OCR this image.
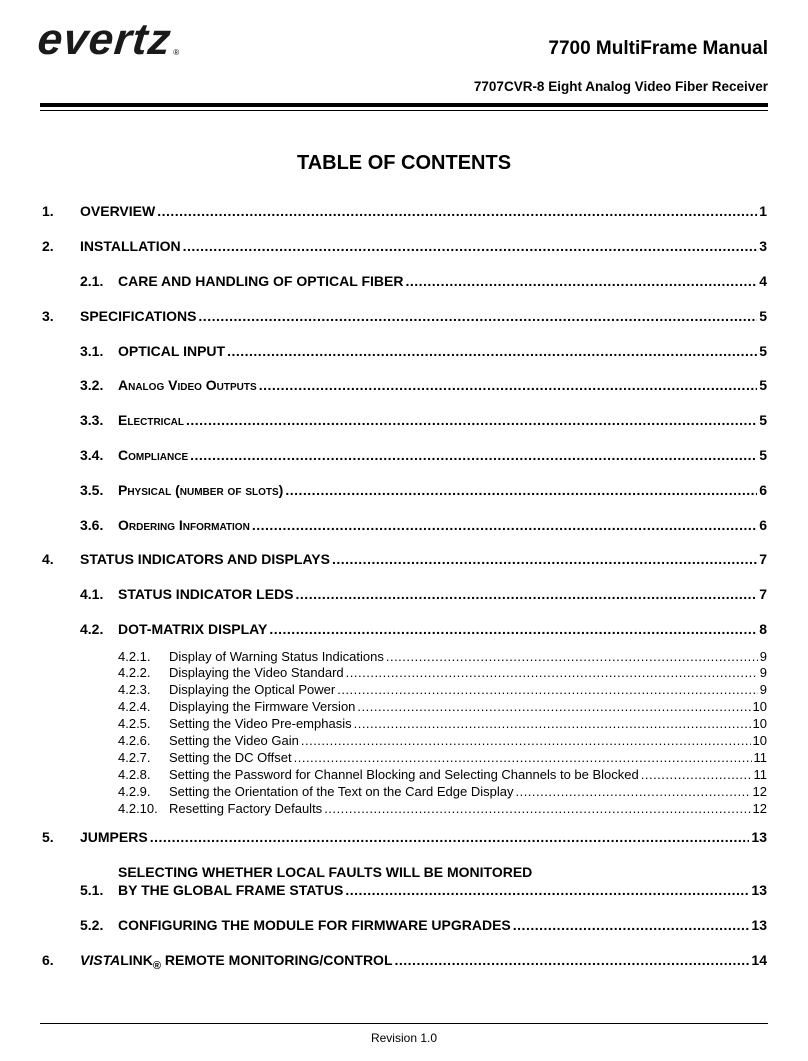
evertz ®	7700 MultiFrame Manual
7707CVR-8 Eight Analog Video Fiber Receiver
TABLE OF CONTENTS
1.	OVERVIEW .....	1
2.	INSTALLATION .....	3
2.1.	CARE AND HANDLING OF OPTICAL FIBER .....	4
3.	SPECIFICATIONS .....	5
3.1.	OPTICAL INPUT .....	5
3.2.	Analog Video Outputs .....	5
3.3.	Electrical .....	5
3.4.	Compliance .....	5
3.5.	Physical (number of slots) .....	6
3.6.	Ordering Information .....	6
4.	STATUS INDICATORS AND DISPLAYS .....	7
4.1.	STATUS INDICATOR LEDS .....	7
4.2.	DOT-MATRIX DISPLAY .....	8
4.2.1.	Display of Warning Status Indications .....	9
4.2.2.	Displaying the Video Standard .....	9
4.2.3.	Displaying the Optical Power .....	9
4.2.4.	Displaying the Firmware Version .....	10
4.2.5.	Setting the Video Pre-emphasis .....	10
4.2.6.	Setting the Video Gain .....	10
4.2.7.	Setting the DC Offset .....	11
4.2.8.	Setting the Password for Channel Blocking and Selecting Channels to be Blocked .....	11
4.2.9.	Setting the Orientation of the Text on the Card Edge Display .....	12
4.2.10. Resetting Factory Defaults .....	12
5.	JUMPERS .....	13
SELECTING WHETHER LOCAL FAULTS WILL BE MONITORED
5.1.	BY THE GLOBAL FRAME STATUS .....	13
5.2.	CONFIGURING THE MODULE FOR FIRMWARE UPGRADES .....	13
6.	$VISTALINK_®$ REMOTE MONITORING/CONTROL .....	14
Revision 1.0
